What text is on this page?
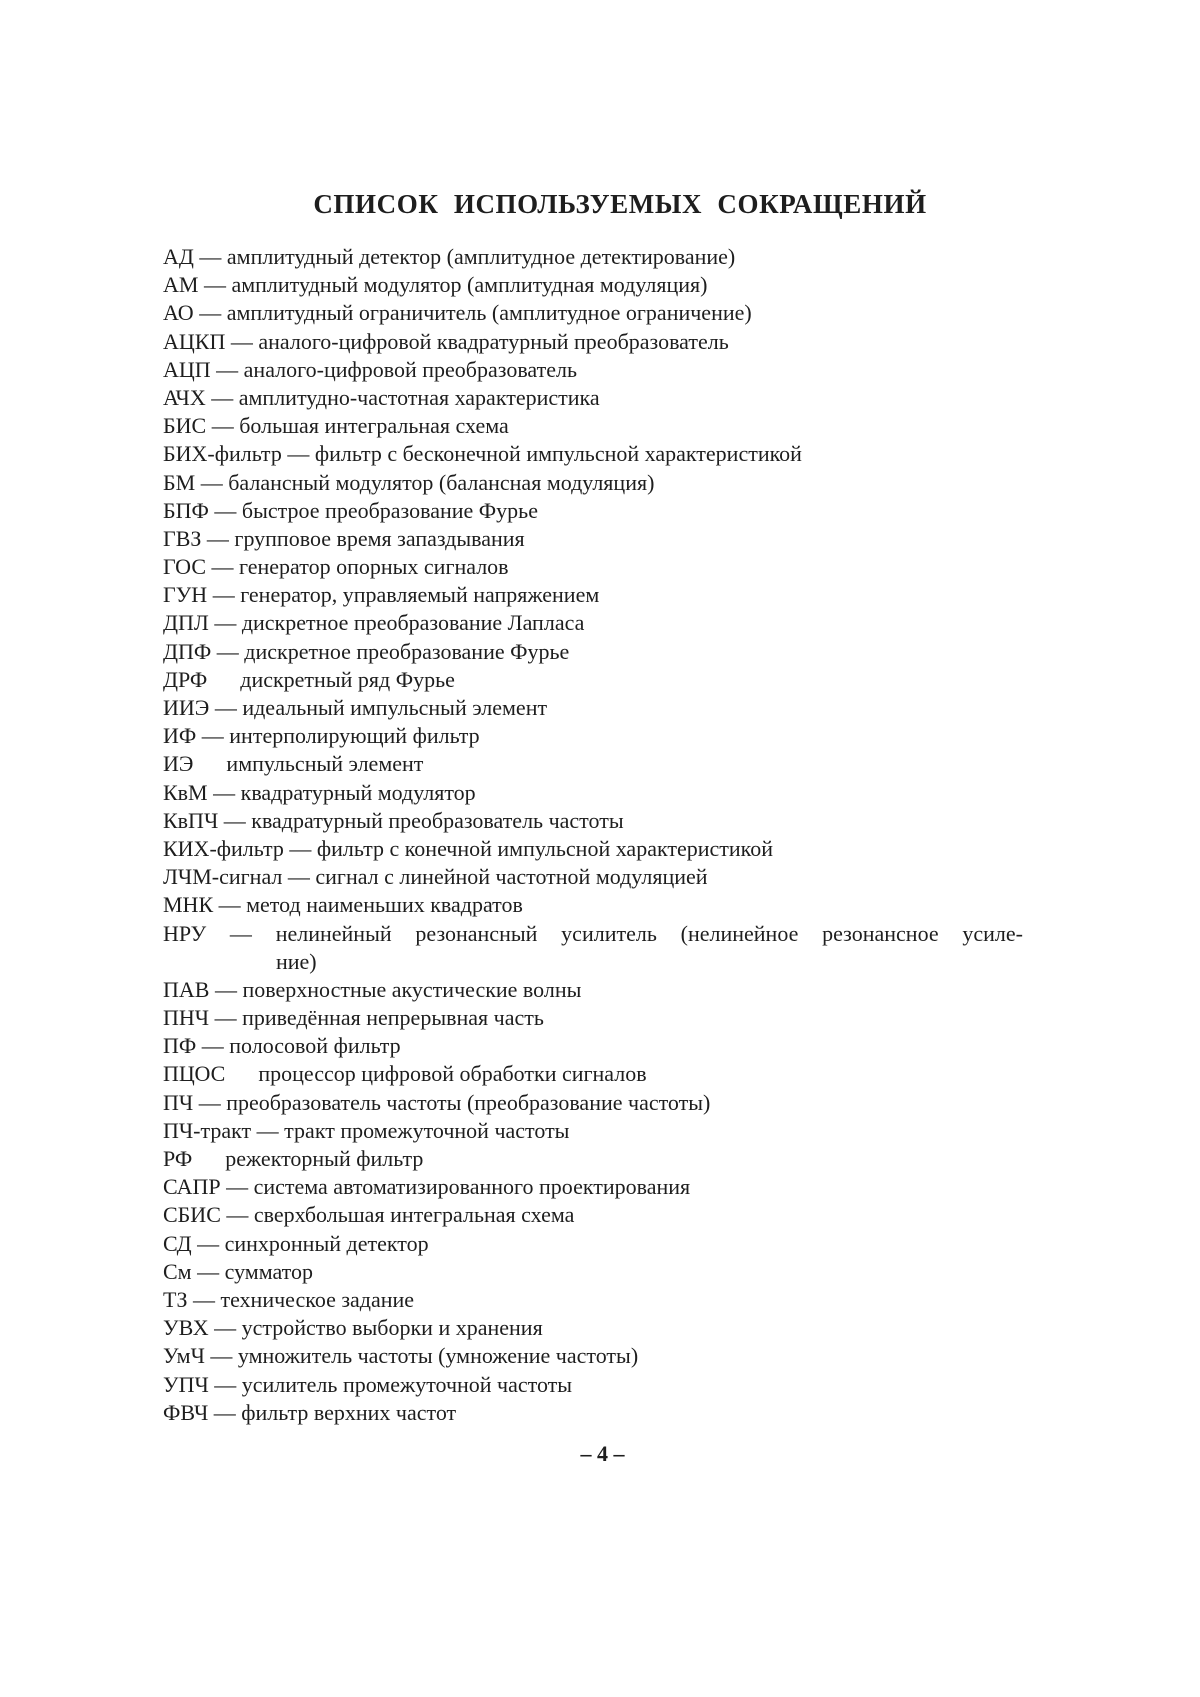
СПИСОК ИСПОЛЬЗУЕМЫХ СОКРАЩЕНИЙ
АД — амплитудный детектор (амплитудное детектирование)
АМ — амплитудный модулятор (амплитудная модуляция)
АО — амплитудный ограничитель (амплитудное ограничение)
АЦКП — аналого-цифровой квадратурный преобразователь
АЦП — аналого-цифровой преобразователь
АЧХ — амплитудно-частотная характеристика
БИС — большая интегральная схема
БИХ-фильтр — фильтр с бесконечной импульсной характеристикой
БМ — балансный модулятор (балансная модуляция)
БПФ — быстрое преобразование Фурье
ГВЗ — групповое время запаздывания
ГОС — генератор опорных сигналов
ГУН — генератор, управляемый напряжением
ДПЛ — дискретное преобразование Лапласа
ДПФ — дискретное преобразование Фурье
ДРФ дискретный ряд Фурье
ИИЭ — идеальный импульсный элемент
ИФ — интерполирующий фильтр
ИЭ импульсный элемент
КвМ — квадратурный модулятор
КвПЧ — квадратурный преобразователь частоты
КИХ-фильтр — фильтр с конечной импульсной характеристикой
ЛЧМ-сигнал — сигнал с линейной частотной модуляцией
МНК — метод наименьших квадратов
НРУ — нелинейный резонансный усилитель (нелинейное резонансное усиле-
ние)
ПАВ — поверхностные акустические волны
ПНЧ — приведённая непрерывная часть
ПФ — полосовой фильтр
ПЦОС процессор цифровой обработки сигналов
ПЧ — преобразователь частоты (преобразование частоты)
ПЧ-тракт — тракт промежуточной частоты
РФ режекторный фильтр
САПР — система автоматизированного проектирования
СБИС — сверхбольшая интегральная схема
СД — синхронный детектор
См — сумматор
ТЗ — техническое задание
УВХ — устройство выборки и хранения
УмЧ — умножитель частоты (умножение частоты)
УПЧ — усилитель промежуточной частоты
ФВЧ — фильтр верхних частот
– 4 –
